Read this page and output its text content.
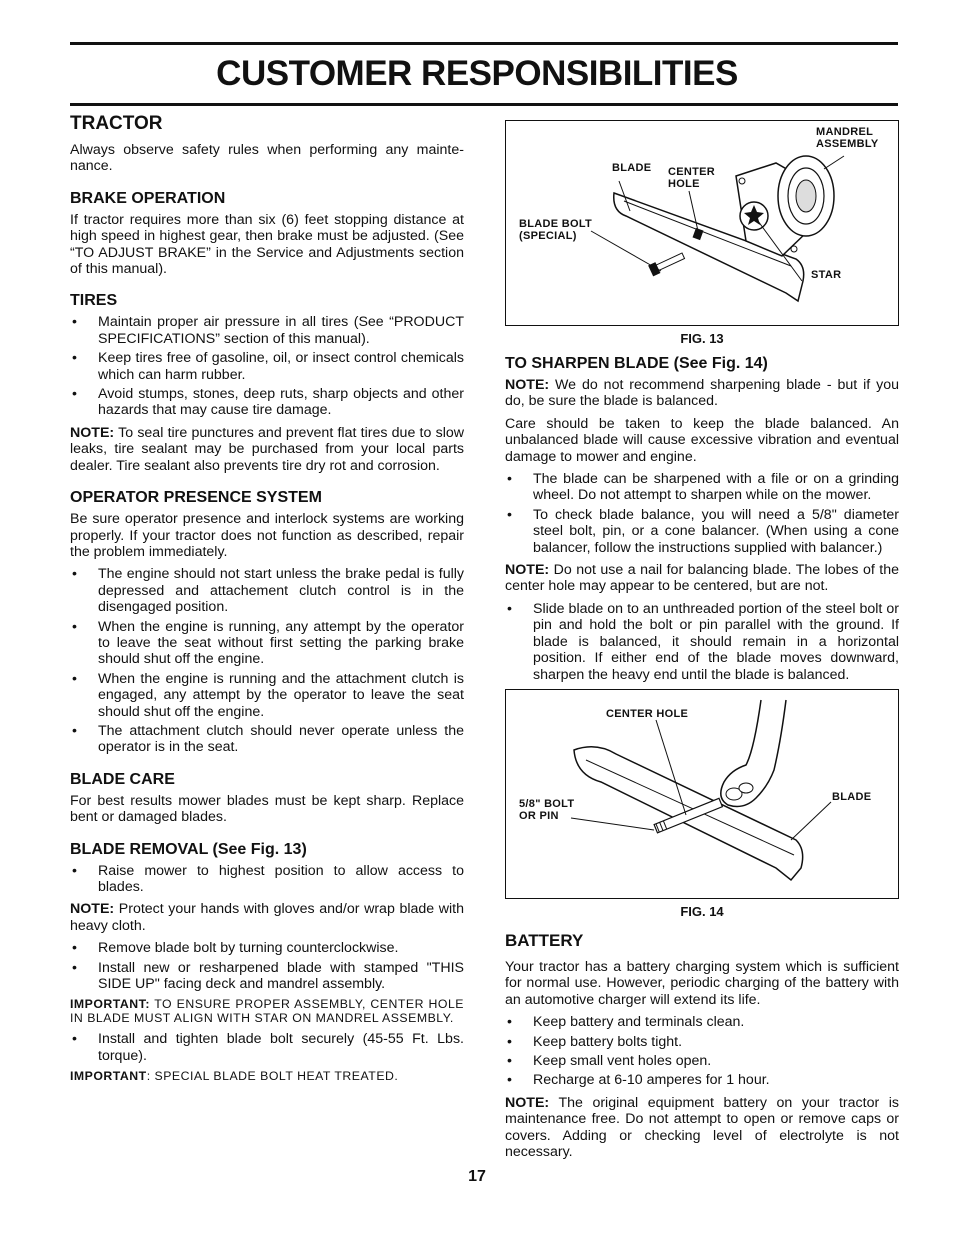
CUSTOMER RESPONSIBILITIES
TRACTOR

Always observe safety rules when performing any maintenance.

BRAKE OPERATION

If tractor requires more than six (6) feet stopping distance at high speed in highest gear, then brake must be adjusted. (See “TO ADJUST BRAKE” in the Service and Adjustments section of this manual).

TIRES
• Maintain proper air pressure in all tires (See “PRODUCT SPECIFICATIONS” section of this manual).
• Keep tires free of gasoline, oil, or insect control chemicals which can harm rubber.
• Avoid stumps, stones, deep ruts, sharp objects and other hazards that may cause tire damage.

NOTE: To seal tire punctures and prevent flat tires due to slow leaks, tire sealant may be purchased from your local parts dealer. Tire sealant also prevents tire dry rot and corrosion.

OPERATOR PRESENCE SYSTEM

Be sure operator presence and interlock systems are working properly. If your tractor does not function as described, repair the problem immediately.

• The engine should not start unless the brake pedal is fully depressed and attachement clutch control is in the disengaged position.
• When the engine is running, any attempt by the operator to leave the seat without first setting the parking brake should shut off the engine.
• When the engine is running and the attachment clutch is engaged, any attempt by the operator to leave the seat should shut off the engine.
• The attachment clutch should never operate unless the operator is in the seat.
BLADE CARE

For best results mower blades must be kept sharp. Replace bent or damaged blades.

BLADE REMOVAL (See Fig. 13)
• Raise mower to highest position to allow access to blades.

NOTE: Protect your hands with gloves and/or wrap blade with heavy cloth.

• Remove blade bolt by turning counterclockwise.
• Install new or resharpened blade with stamped "THIS SIDE UP" facing deck and mandrel assembly.
IMPORTANT: TO ENSURE PROPER ASSEMBLY, CENTER HOLE IN BLADE MUST ALIGN WITH STAR ON MANDREL ASSEMBLY.
• Install and tighten blade bolt securely (45-55 Ft. Lbs. torque).
IMPORTANT: SPECIAL BLADE BOLT HEAT TREATED.
MANDREL ASSEMBLY
BLADE CENTER HOLE
BLADE BOLT (SPECIAL)
STAR
FIG. 13
TO SHARPEN BLADE (See Fig. 14)

NOTE: We do not recommend sharpening blade - but if you do, be sure the blade is balanced.

Care should be taken to keep the blade balanced. An unbalanced blade will cause excessive vibration and eventual damage to mower and engine.

• The blade can be sharpened with a file or on a grinding wheel. Do not attempt to sharpen while on the mower.
• To check blade balance, you will need a 5/8" diameter steel bolt, pin, or a cone balancer. (When using a cone balancer, follow the instructions supplied with balancer.)

NOTE: Do not use a nail for balancing blade. The lobes of the center hole may appear to be centered, but are not.

• Slide blade on to an unthreaded portion of the steel bolt or pin and hold the bolt or pin parallel with the ground. If blade is balanced, it should remain in a horizontal position. If either end of the blade moves downward, sharpen the heavy end until the blade is balanced.
CENTER HOLE
5/8" BOLT OR PIN
BLADE
FIG. 14
BATTERY

Your tractor has a battery charging system which is sufficient for normal use. However, periodic charging of the battery with an automotive charger will extend its life.

• Keep battery and terminals clean.
• Keep battery bolts tight.
• Keep small vent holes open.
• Recharge at 6-10 amperes for 1 hour.

NOTE: The original equipment battery on your tractor is maintenance free. Do not attempt to open or remove caps or covers. Adding or checking level of electrolyte is not necessary.

17
